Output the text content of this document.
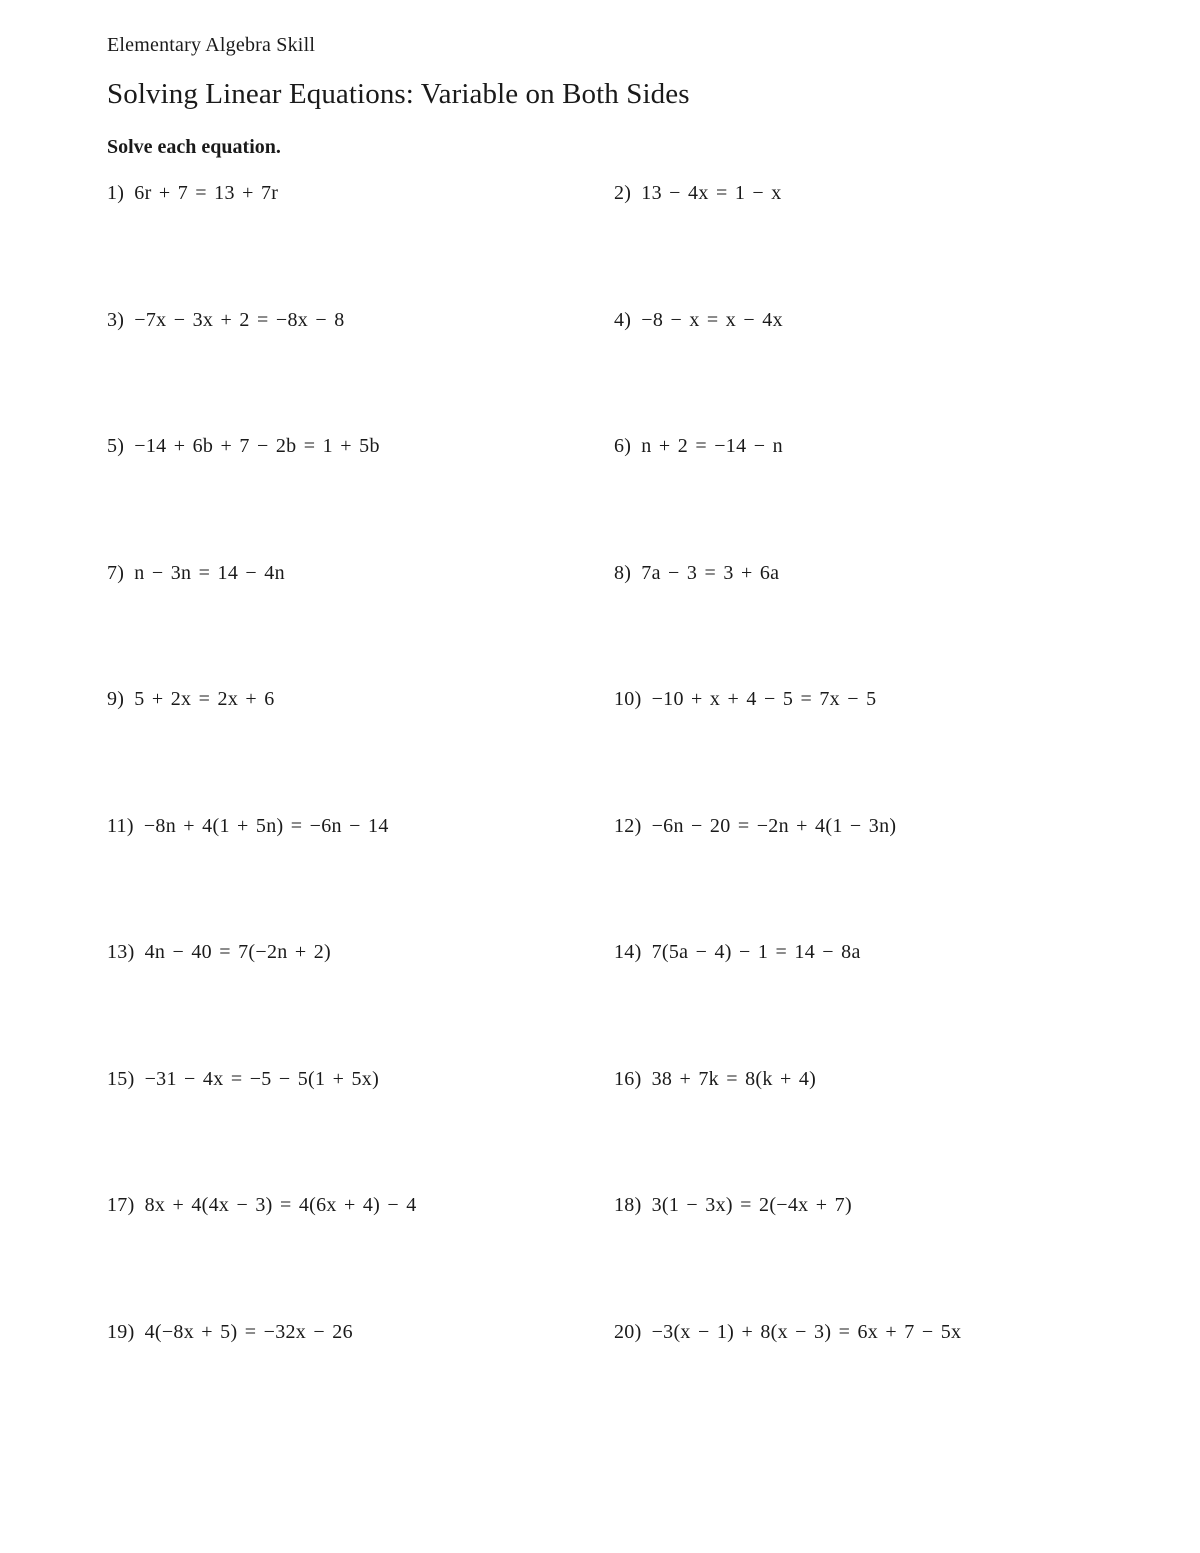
Elementary Algebra Skill
Solving Linear Equations: Variable on Both Sides
Solve each equation.
1) 6r + 7 = 13 + 7r	2) 13 − 4x = 1 − x
3) −7x − 3x + 2 = −8x − 8	4) −8 − x = x − 4x
5) −14 + 6b + 7 − 2b = 1 + 5b	6) n + 2 = −14 − n
7) n − 3n = 14 − 4n	8) 7a − 3 = 3 + 6a
9) 5 + 2x = 2x + 6	10) −10 + x + 4 − 5 = 7x − 5
11) −8n + 4(1 + 5n) = −6n − 14	12) −6n − 20 = −2n + 4(1 − 3n)
13) 4n − 40 = 7(−2n + 2)	14) 7(5a − 4) − 1 = 14 − 8a
15) −31 − 4x = −5 − 5(1 + 5x)	16) 38 + 7k = 8(k + 4)
17) 8x + 4(4x − 3) = 4(6x + 4) − 4	18) 3(1 − 3x) = 2(−4x + 7)
19) 4(−8x + 5) = −32x − 26	20) −3(x − 1) + 8(x − 3) = 6x + 7 − 5x
